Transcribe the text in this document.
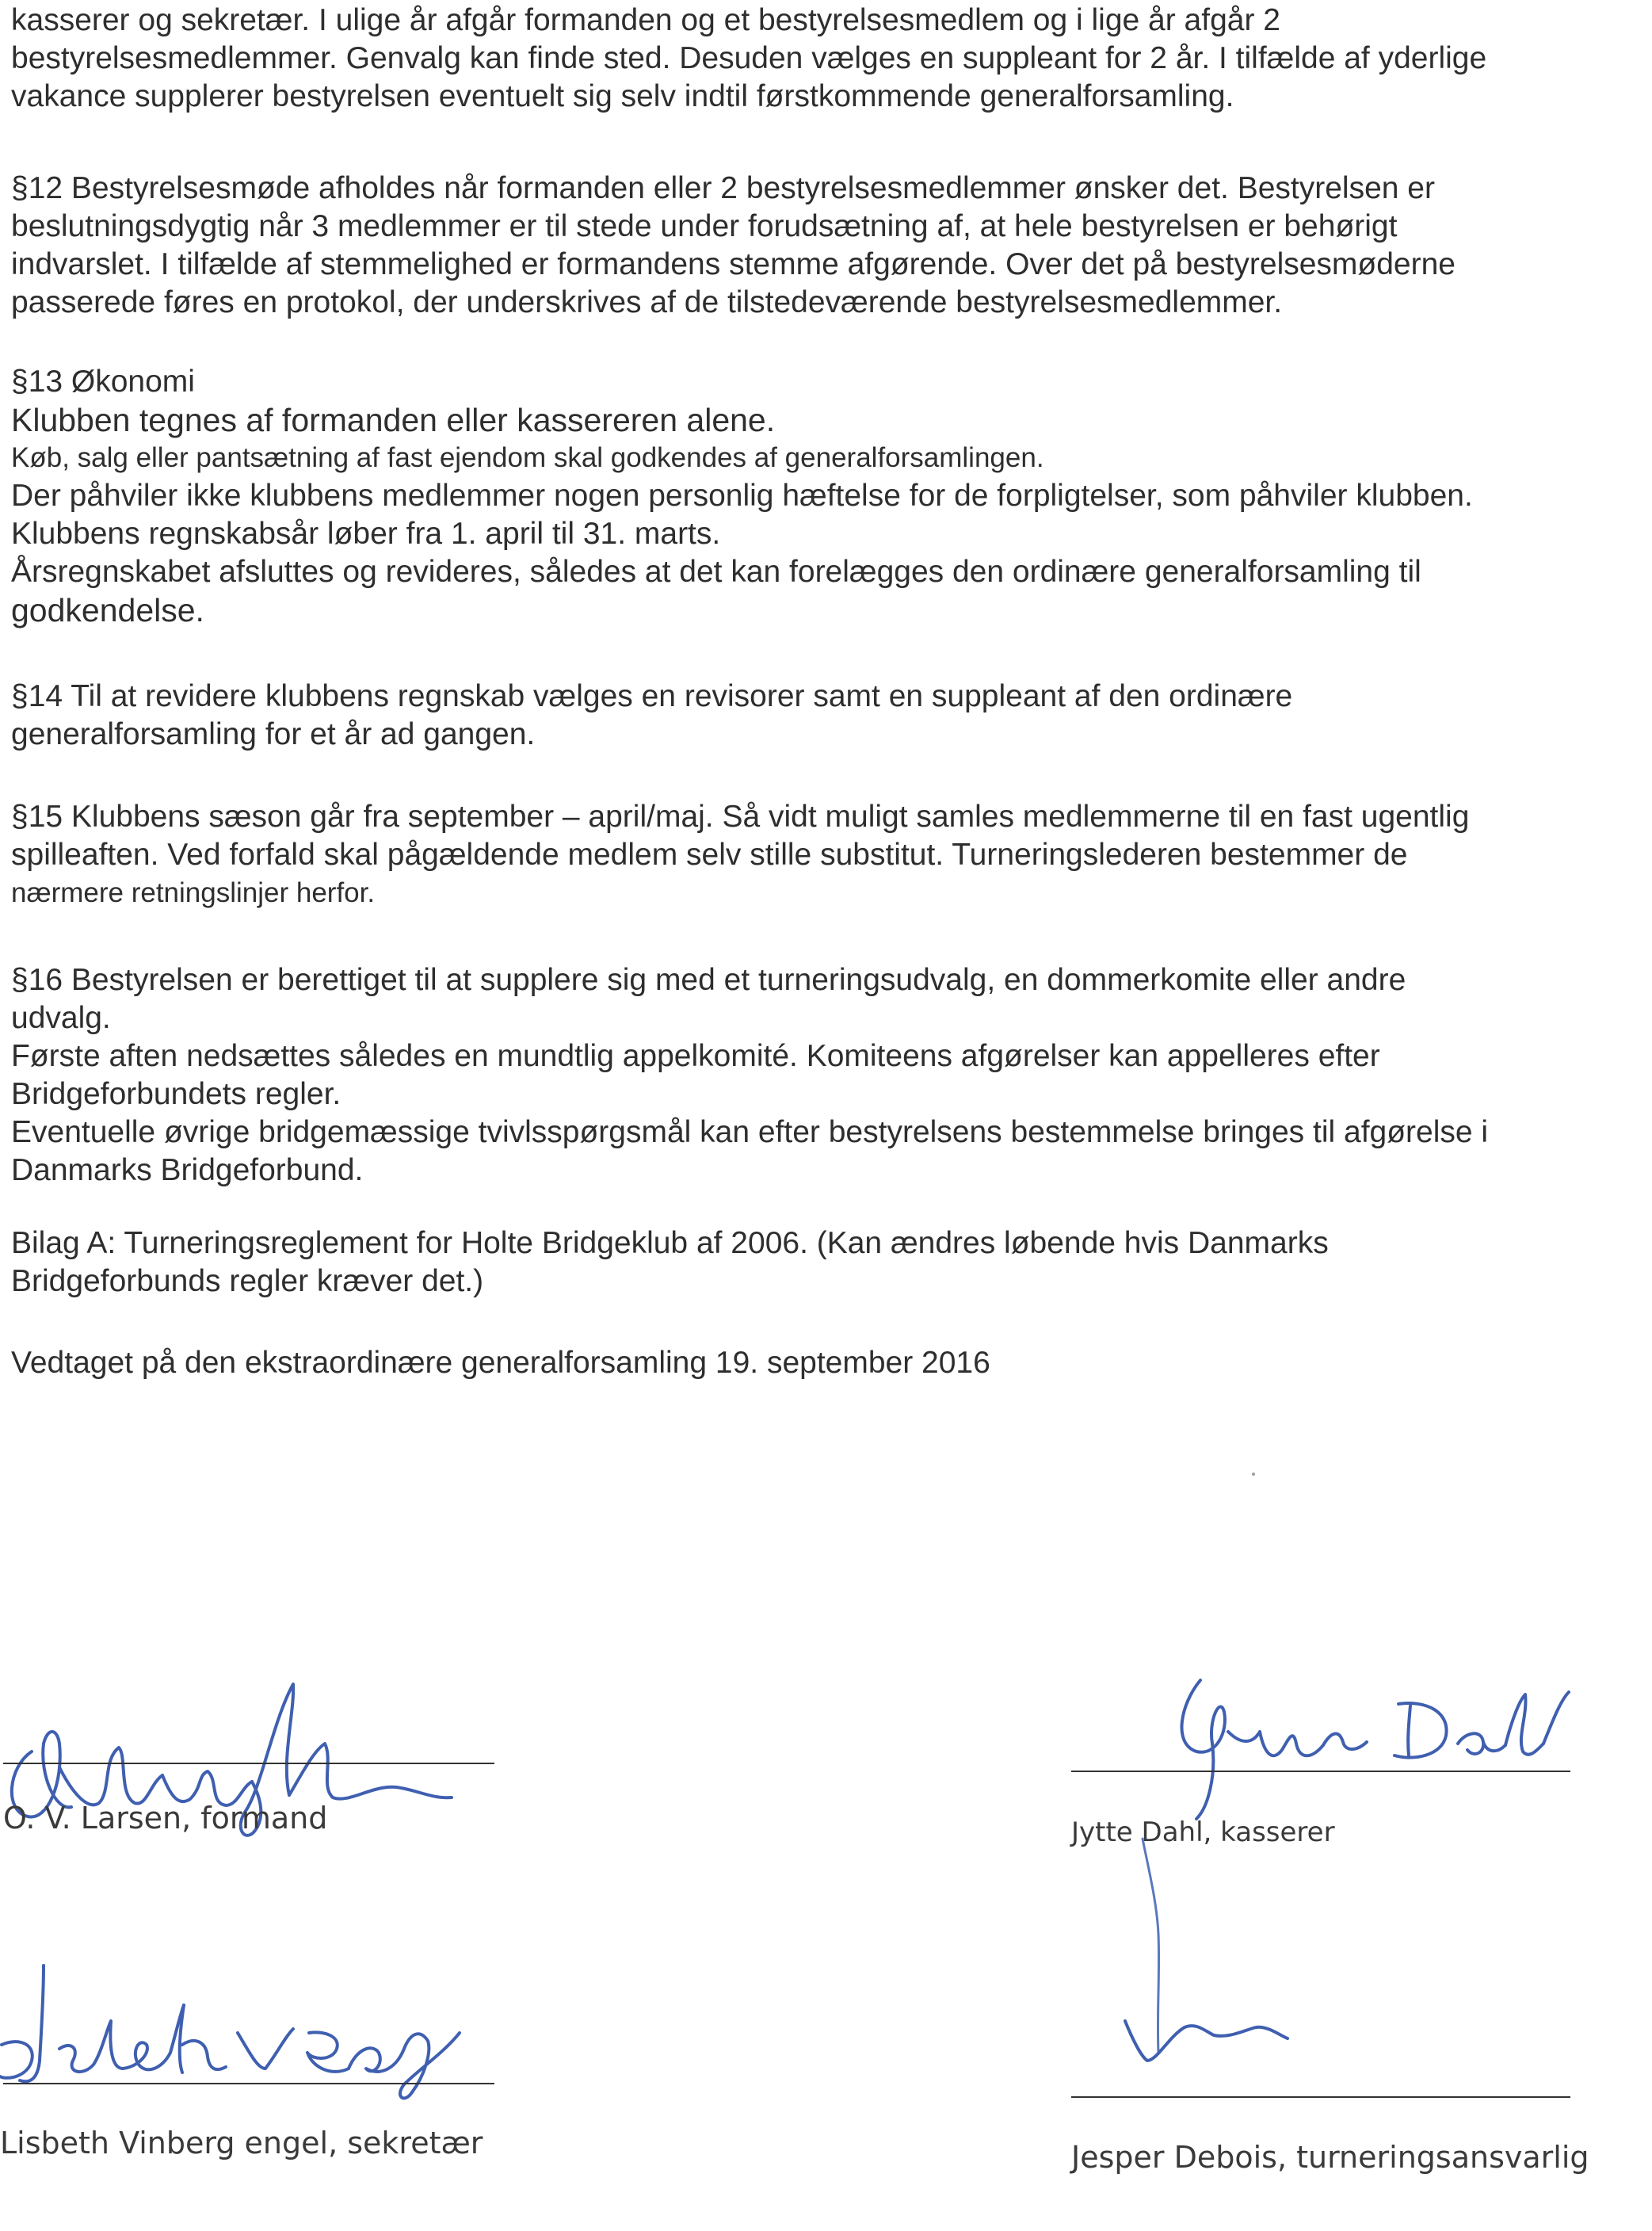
kasserer og sekretær. I ulige år afgår formanden og et bestyrelsesmedlem og i lige år afgår 2
bestyrelsesmedlemmer. Genvalg kan finde sted. Desuden vælges en suppleant for 2 år. I tilfælde af yderlige
vakance supplerer bestyrelsen eventuelt sig selv indtil førstkommende generalforsamling.
§12 Bestyrelsesmøde afholdes når formanden eller 2 bestyrelsesmedlemmer ønsker det. Bestyrelsen er
beslutningsdygtig når 3 medlemmer er til stede under forudsætning af, at hele bestyrelsen er behørigt
indvarslet. I tilfælde af stemmelighed er formandens stemme afgørende. Over det på bestyrelsesmøderne
passerede føres en protokol, der underskrives af de tilstedeværende bestyrelsesmedlemmer.
§13 Økonomi
Klubben tegnes af formanden eller kassereren alene.
Køb, salg eller pantsætning af fast ejendom skal godkendes af generalforsamlingen.
Der påhviler ikke klubbens medlemmer nogen personlig hæftelse for de forpligtelser, som påhviler klubben.
Klubbens regnskabsår løber fra 1. april til 31. marts.
Årsregnskabet afsluttes og revideres, således at det kan forelægges den ordinære generalforsamling til
godkendelse.
§14 Til at revidere klubbens regnskab vælges en revisorer samt en suppleant af den ordinære
generalforsamling for et år ad gangen.
§15 Klubbens sæson går fra september – april/maj. Så vidt muligt samles medlemmerne til en fast ugentlig
spilleaften. Ved forfald skal pågældende medlem selv stille substitut. Turneringslederen bestemmer de
nærmere retningslinjer herfor.
§16 Bestyrelsen er berettiget til at supplere sig med et turneringsudvalg, en dommerkomite eller andre
udvalg.
Første aften nedsættes således en mundtlig appelkomité. Komiteens afgørelser kan appelleres efter
Bridgeforbundets regler.
Eventuelle øvrige bridgemæssige tvivlsspørgsmål kan efter bestyrelsens bestemmelse bringes til afgørelse i
Danmarks Bridgeforbund.
Bilag A: Turneringsreglement for Holte Bridgeklub af 2006. (Kan ændres løbende hvis Danmarks
Bridgeforbunds regler kræver det.)
Vedtaget på den ekstraordinære generalforsamling 19. september 2016
O. V. Larsen, formand	Jytte Dahl, kasserer
Lisbeth Vinberg engel, sekretær	Jesper Debois, turneringsansvarlig
